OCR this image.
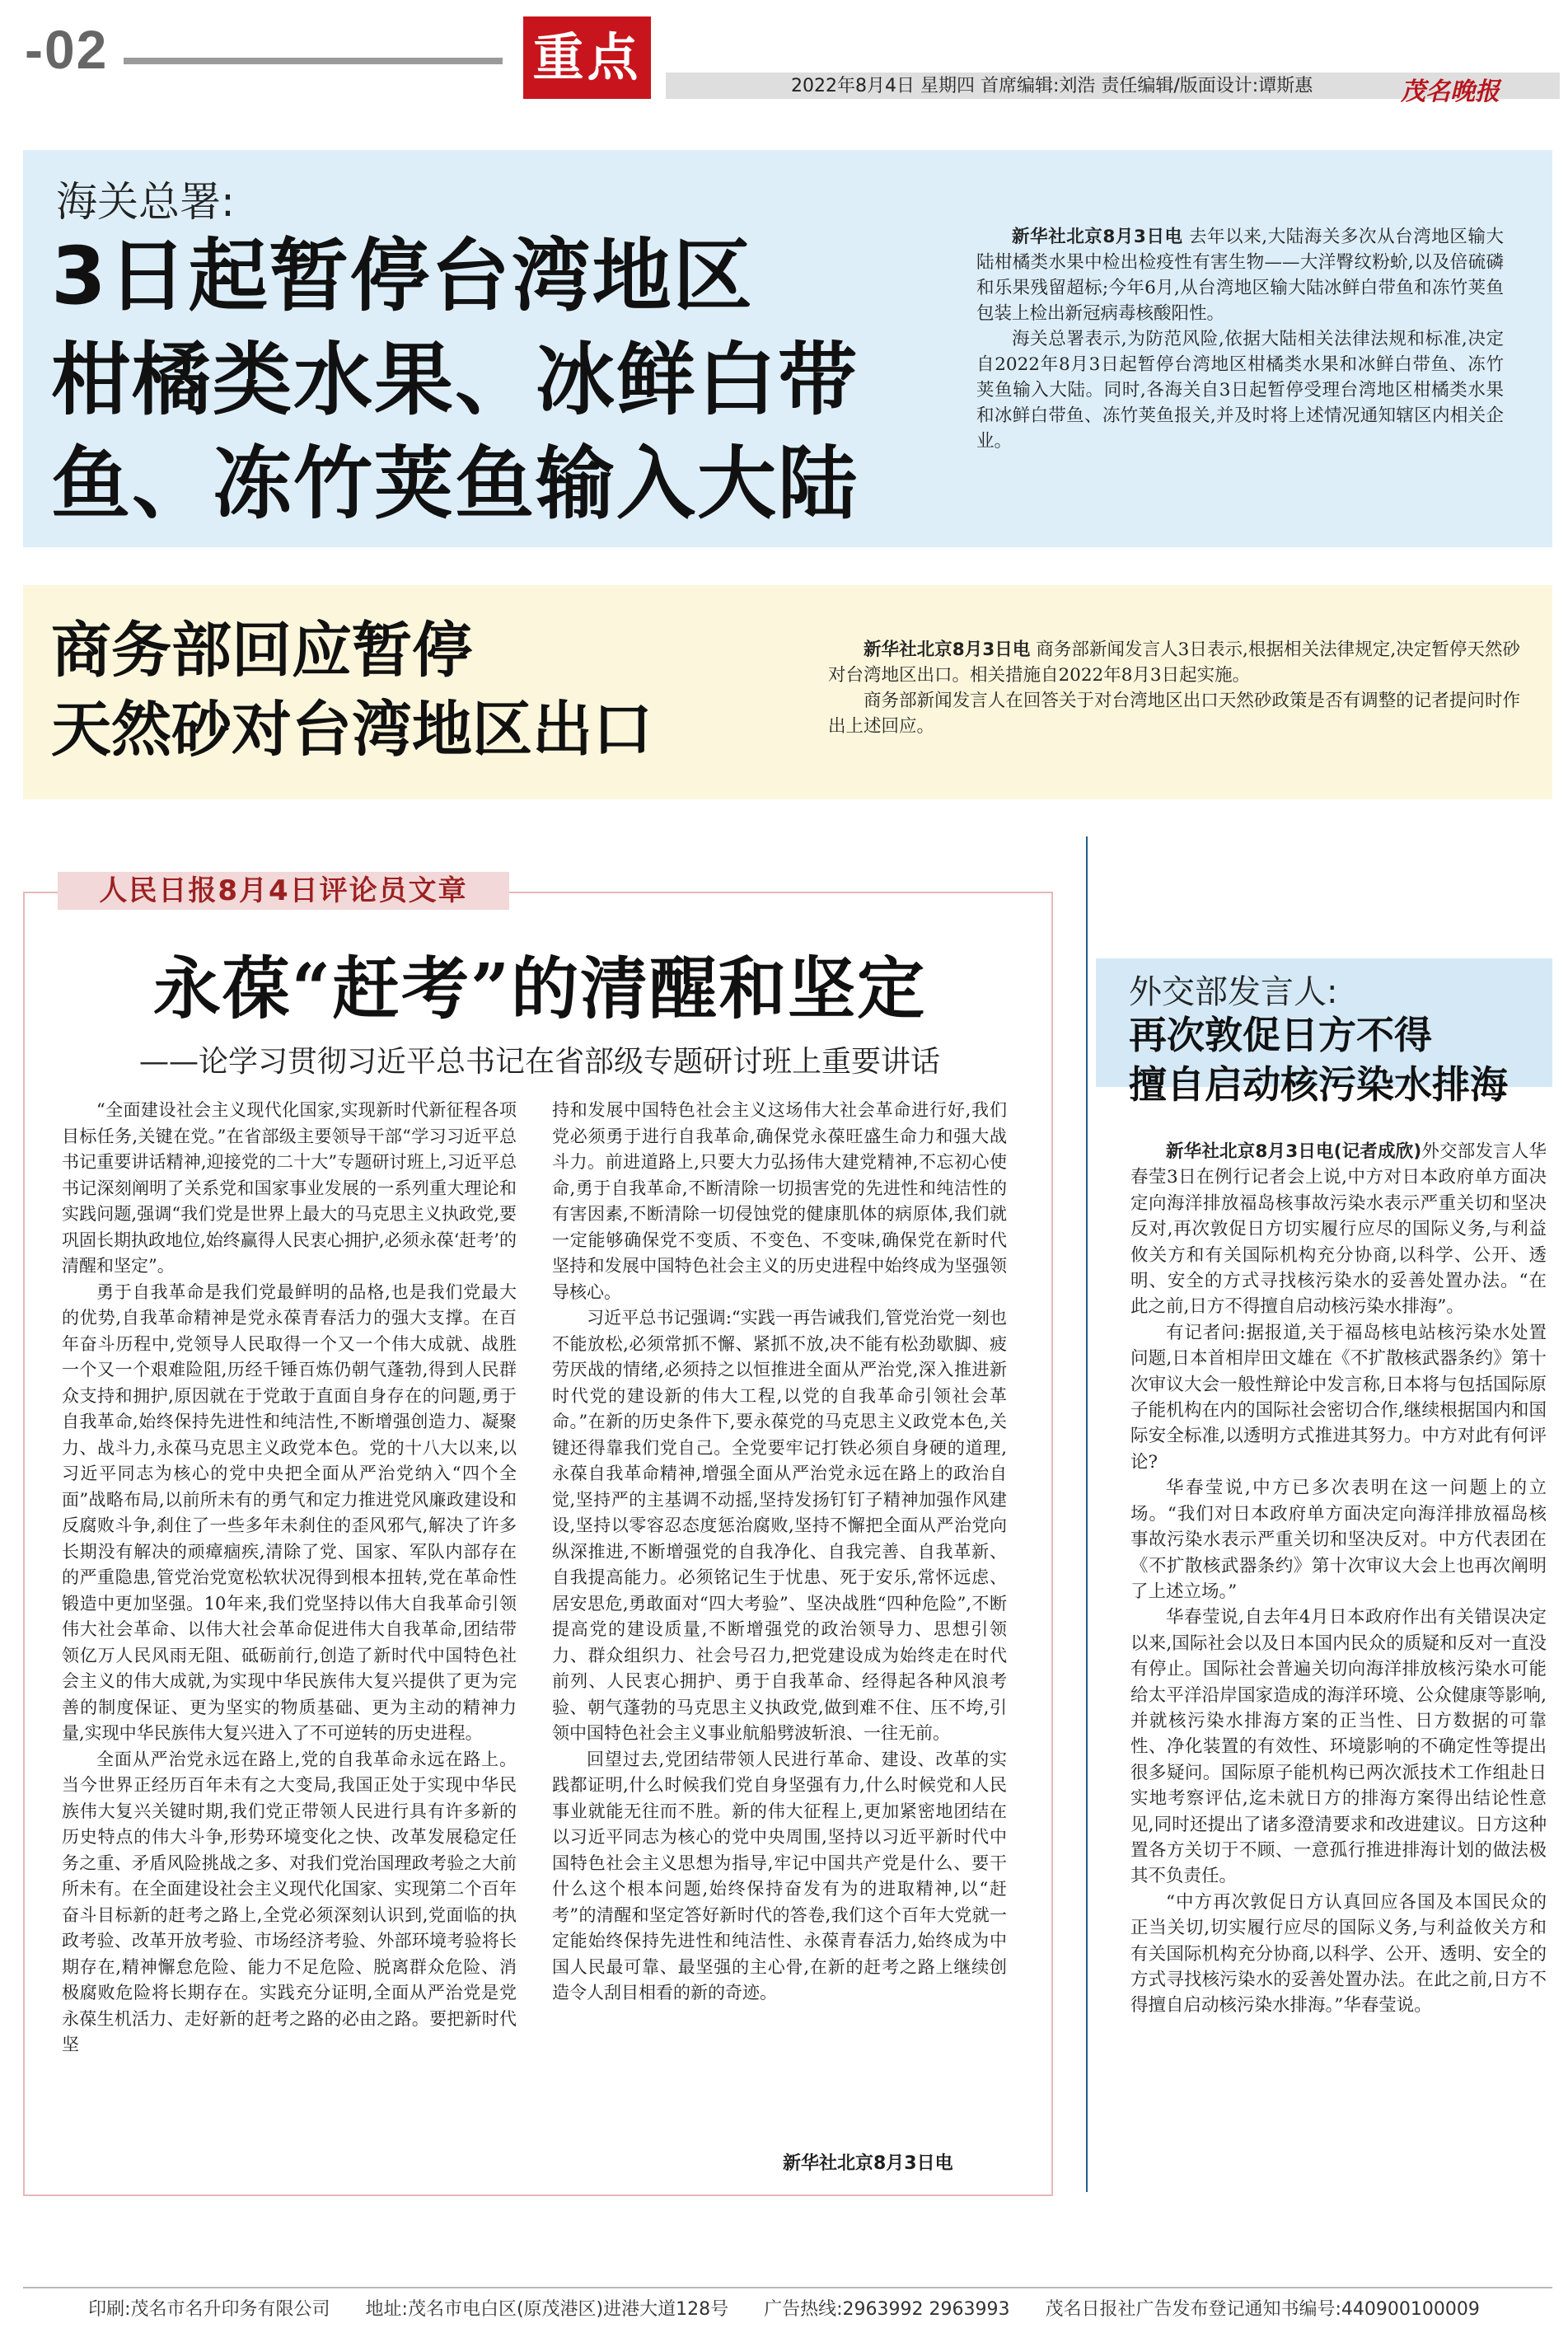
-02	重点	2022年8月4日 星期四 首席编辑:刘浩 责任编辑/版面设计:谭斯惠	茂名晚报
海关总署:
3日起暂停台湾地区
柑橘类水果、冰鲜白带
鱼、冻竹荚鱼输入大陆

新华社北京8月3日电 去年以来,大陆海关多次从台湾地区输大陆柑橘类水果中检出检疫性有害生物——大洋臀纹粉蚧,以及倍硫磷和乐果残留超标;今年6月,从台湾地区输大陆冰鲜白带鱼和冻竹荚鱼包装上检出新冠病毒核酸阳性。

海关总署表示,为防范风险,依据大陆相关法律法规和标准,决定自2022年8月3日起暂停台湾地区柑橘类水果和冰鲜白带鱼、冻竹荚鱼输入大陆。同时,各海关自3日起暂停受理台湾地区柑橘类水果和冰鲜白带鱼、冻竹荚鱼报关,并及时将上述情况通知辖区内相关企业。

商务部回应暂停
天然砂对台湾地区出口

新华社北京8月3日电 商务部新闻发言人3日表示,根据相关法律规定,决定暂停天然砂对台湾地区出口。相关措施自2022年8月3日起实施。

商务部新闻发言人在回答关于对台湾地区出口天然砂政策是否有调整的记者提问时作出上述回应。

人民日报8月4日评论员文章
永葆“赶考”的清醒和坚定
——论学习贯彻习近平总书记在省部级专题研讨班上重要讲话

“全面建设社会主义现代化国家,实现新时代新征程各项目标任务,关键在党。”在省部级主要领导干部“学习习近平总书记重要讲话精神,迎接党的二十大”专题研讨班上,习近平总书记深刻阐明了关系党和国家事业发展的一系列重大理论和实践问题,强调“我们党是世界上最大的马克思主义执政党,要巩固长期执政地位,始终赢得人民衷心拥护,必须永葆‘赶考’的清醒和坚定”。

勇于自我革命是我们党最鲜明的品格,也是我们党最大的优势,自我革命精神是党永葆青春活力的强大支撑。在百年奋斗历程中,党领导人民取得一个又一个伟大成就、战胜一个又一个艰难险阻,历经千锤百炼仍朝气蓬勃,得到人民群众支持和拥护,原因就在于党敢于直面自身存在的问题,勇于自我革命,始终保持先进性和纯洁性,不断增强创造力、凝聚力、战斗力,永葆马克思主义政党本色。党的十八大以来,以习近平同志为核心的党中央把全面从严治党纳入“四个全面”战略布局,以前所未有的勇气和定力推进党风廉政建设和反腐败斗争,刹住了一些多年未刹住的歪风邪气,解决了许多长期没有解决的顽瘴痼疾,清除了党、国家、军队内部存在的严重隐患,管党治党宽松软状况得到根本扭转,党在革命性锻造中更加坚强。10年来,我们党坚持以伟大自我革命引领伟大社会革命、以伟大社会革命促进伟大自我革命,团结带领亿万人民风雨无阻、砥砺前行,创造了新时代中国特色社会主义的伟大成就,为实现中华民族伟大复兴提供了更为完善的制度保证、更为坚实的物质基础、更为主动的精神力量,实现中华民族伟大复兴进入了不可逆转的历史进程。

全面从严治党永远在路上,党的自我革命永远在路上。当今世界正经历百年未有之大变局,我国正处于实现中华民族伟大复兴关键时期,我们党正带领人民进行具有许多新的历史特点的伟大斗争,形势环境变化之快、改革发展稳定任务之重、矛盾风险挑战之多、对我们党治国理政考验之大前所未有。在全面建设社会主义现代化国家、实现第二个百年奋斗目标新的赶考之路上,全党必须深刻认识到,党面临的执政考验、改革开放考验、市场经济考验、外部环境考验将长期存在,精神懈怠危险、能力不足危险、脱离群众危险、消极腐败危险将长期存在。实践充分证明,全面从严治党是党永葆生机活力、走好新的赶考之路的必由之路。要把新时代坚

持和发展中国特色社会主义这场伟大社会革命进行好,我们党必须勇于进行自我革命,确保党永葆旺盛生命力和强大战斗力。前进道路上,只要大力弘扬伟大建党精神,不忘初心使命,勇于自我革命,不断清除一切损害党的先进性和纯洁性的有害因素,不断清除一切侵蚀党的健康肌体的病原体,我们就一定能够确保党不变质、不变色、不变味,确保党在新时代坚持和发展中国特色社会主义的历史进程中始终成为坚强领导核心。

习近平总书记强调:“实践一再告诫我们,管党治党一刻也不能放松,必须常抓不懈、紧抓不放,决不能有松劲歇脚、疲劳厌战的情绪,必须持之以恒推进全面从严治党,深入推进新时代党的建设新的伟大工程,以党的自我革命引领社会革命。”在新的历史条件下,要永葆党的马克思主义政党本色,关键还得靠我们党自己。全党要牢记打铁必须自身硬的道理,永葆自我革命精神,增强全面从严治党永远在路上的政治自觉,坚持严的主基调不动摇,坚持发扬钉钉子精神加强作风建设,坚持以零容忍态度惩治腐败,坚持不懈把全面从严治党向纵深推进,不断增强党的自我净化、自我完善、自我革新、自我提高能力。必须铭记生于忧患、死于安乐,常怀远虑、居安思危,勇敢面对“四大考验”、坚决战胜“四种危险”,不断提高党的建设质量,不断增强党的政治领导力、思想引领力、群众组织力、社会号召力,把党建设成为始终走在时代前列、人民衷心拥护、勇于自我革命、经得起各种风浪考验、朝气蓬勃的马克思主义执政党,做到难不住、压不垮,引领中国特色社会主义事业航船劈波斩浪、一往无前。

回望过去,党团结带领人民进行革命、建设、改革的实践都证明,什么时候我们党自身坚强有力,什么时候党和人民事业就能无往而不胜。新的伟大征程上,更加紧密地团结在以习近平同志为核心的党中央周围,坚持以习近平新时代中国特色社会主义思想为指导,牢记中国共产党是什么、要干什么这个根本问题,始终保持奋发有为的进取精神,以“赶考”的清醒和坚定答好新时代的答卷,我们这个百年大党就一定能始终保持先进性和纯洁性、永葆青春活力,始终成为中国人民最可靠、最坚强的主心骨,在新的赶考之路上继续创造令人刮目相看的新的奇迹。

新华社北京8月3日电
外交部发言人:
再次敦促日方不得
擅自启动核污染水排海

新华社北京8月3日电(记者成欣)外交部发言人华春莹3日在例行记者会上说,中方对日本政府单方面决定向海洋排放福岛核事故污染水表示严重关切和坚决反对,再次敦促日方切实履行应尽的国际义务,与利益攸关方和有关国际机构充分协商,以科学、公开、透明、安全的方式寻找核污染水的妥善处置办法。“在此之前,日方不得擅自启动核污染水排海”。

有记者问:据报道,关于福岛核电站核污染水处置问题,日本首相岸田文雄在《不扩散核武器条约》第十次审议大会一般性辩论中发言称,日本将与包括国际原子能机构在内的国际社会密切合作,继续根据国内和国际安全标准,以透明方式推进其努力。中方对此有何评论?

华春莹说,中方已多次表明在这一问题上的立场。“我们对日本政府单方面决定向海洋排放福岛核事故污染水表示严重关切和坚决反对。中方代表团在《不扩散核武器条约》第十次审议大会上也再次阐明了上述立场。”

华春莹说,自去年4月日本政府作出有关错误决定以来,国际社会以及日本国内民众的质疑和反对一直没有停止。国际社会普遍关切向海洋排放核污染水可能给太平洋沿岸国家造成的海洋环境、公众健康等影响,并就核污染水排海方案的正当性、日方数据的可靠性、净化装置的有效性、环境影响的不确定性等提出很多疑问。国际原子能机构已两次派技术工作组赴日实地考察评估,迄未就日方的排海方案得出结论性意见,同时还提出了诸多澄清要求和改进建议。日方这种置各方关切于不顾、一意孤行推进排海计划的做法极其不负责任。

“中方再次敦促日方认真回应各国及本国民众的正当关切,切实履行应尽的国际义务,与利益攸关方和有关国际机构充分协商,以科学、公开、透明、安全的方式寻找核污染水的妥善处置办法。在此之前,日方不得擅自启动核污染水排海。”华春莹说。

印刷:茂名市名升印务有限公司 地址:茂名市电白区(原茂港区)进港大道128号 广告热线:2963992 2963993 茂名日报社广告发布登记通知书编号:440900100009
